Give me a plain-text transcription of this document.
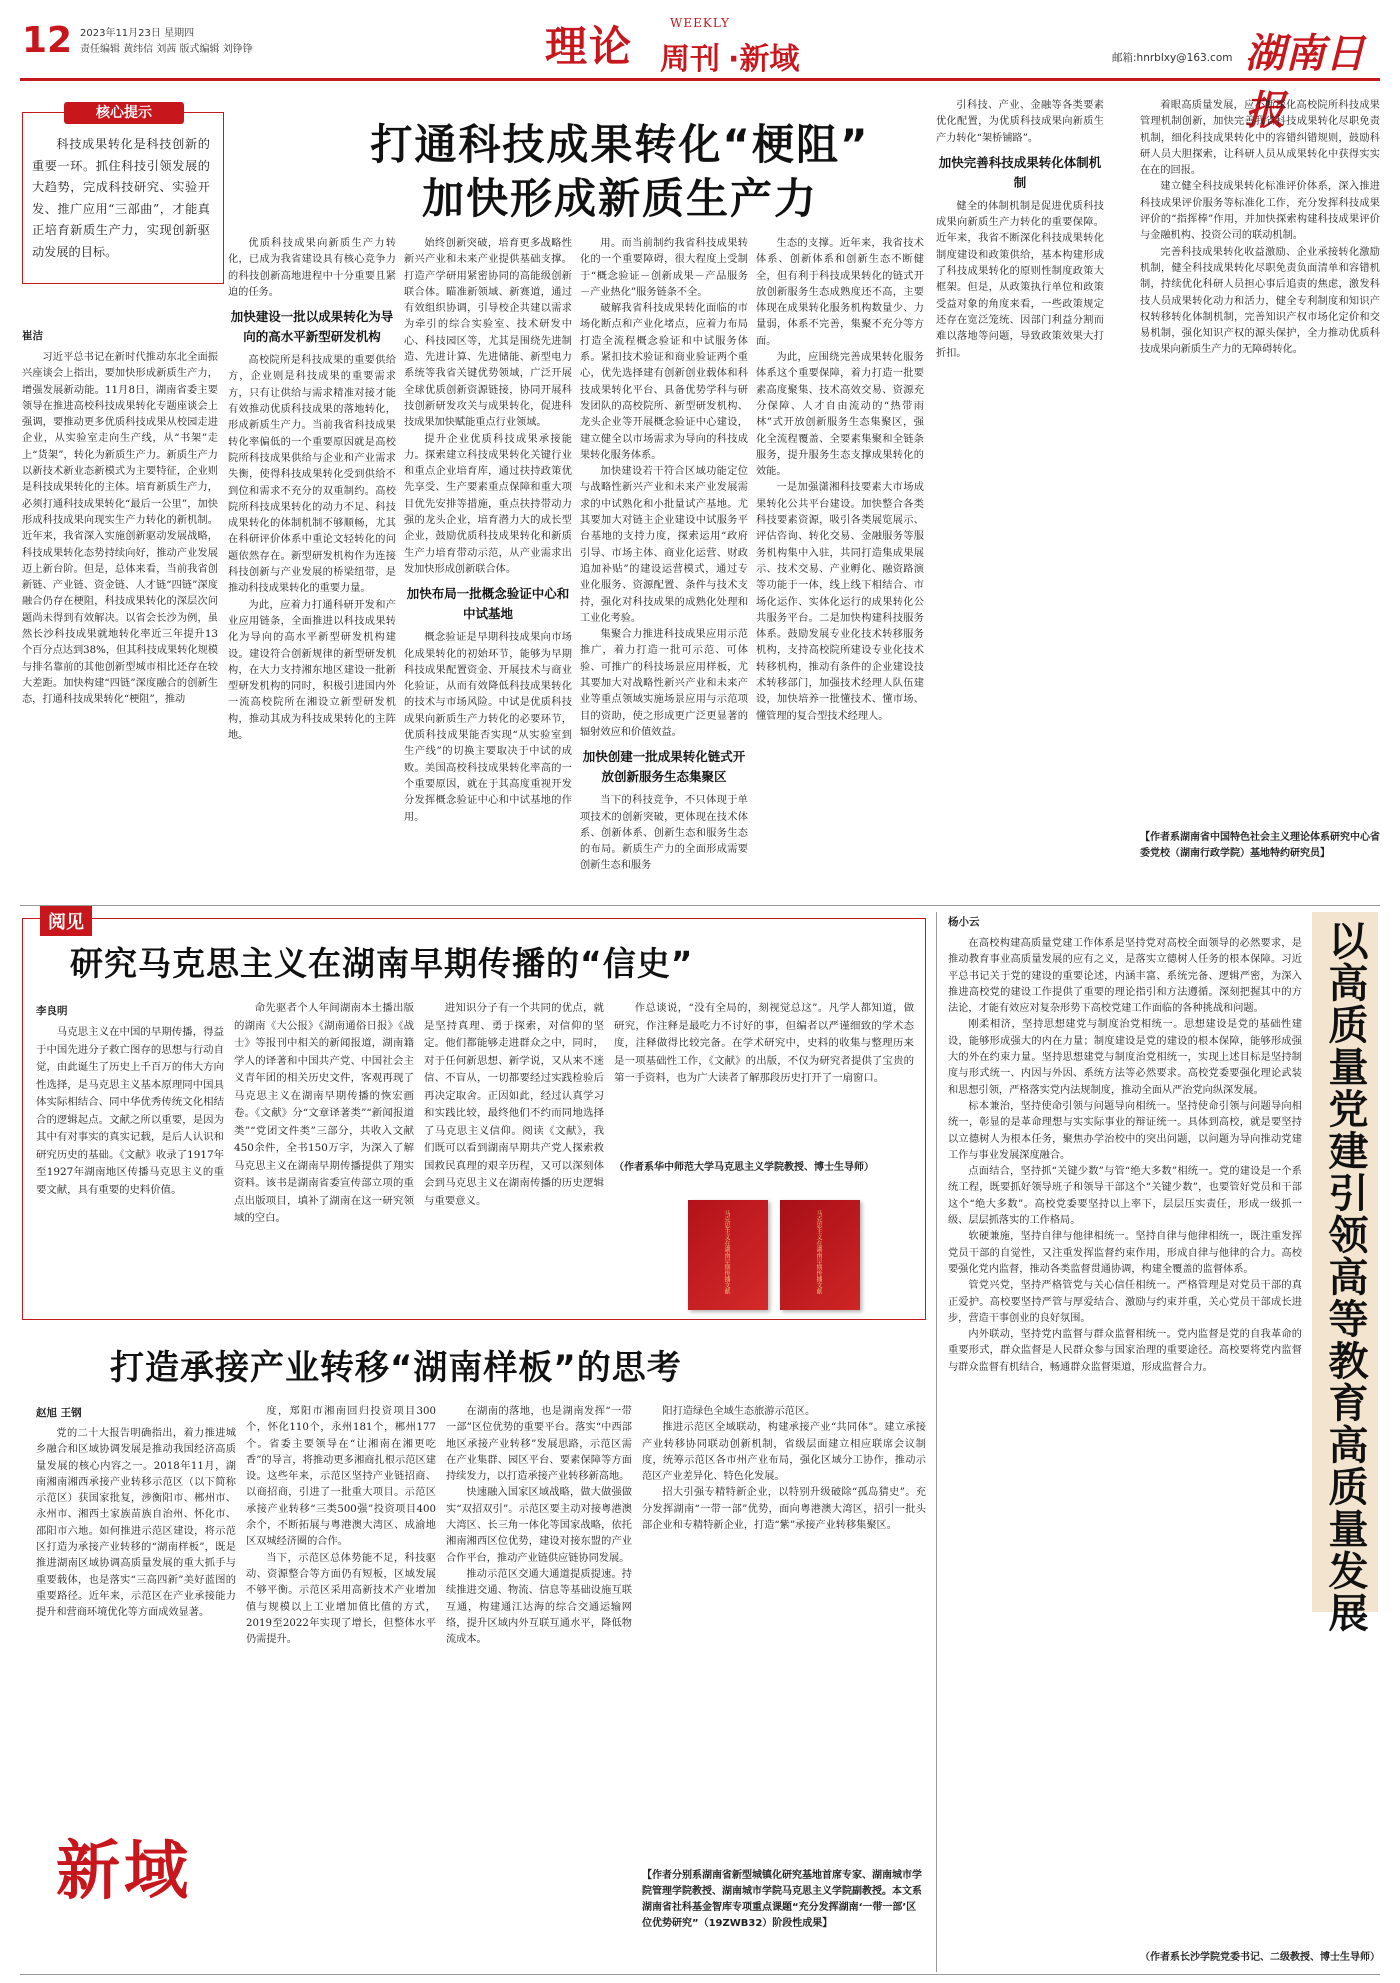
12 2023年11月23日 星期四
责任编辑 黄纬信 刘茜 版式编辑 刘铮铮	理论	WEEKLY
周刊 ·新域	邮箱:hnrblxy@163.com 湖南日报
核心提示
科技成果转化是科技创新的重要一环。抓住科技引领发展的大趋势，完成科技研究、实验开发、推广应用“三部曲”，才能真正培育新质生产力，实现创新驱动发展的目标。
打通科技成果转化“梗阻”
加快形成新质生产力
崔洁
习近平总书记在新时代推动东北全面振兴座谈会上指出，要加快形成新质生产力，增强发展新动能。11月8日，湖南省委主要领导在推进高校科技成果转化专题座谈会上强调，要推动更多优质科技成果从校园走进企业，从实验室走向生产线，从“书架”走上“货架”，转化为新质生产力。新质生产力以新技术新业态新模式为主要特征，企业则是科技成果转化的主体。培育新质生产力，必须打通科技成果转化“最后一公里”，加快形成科技成果向现实生产力转化的新机制。近年来，我省深入实施创新驱动发展战略，科技成果转化态势持续向好，推动产业发展迈上新台阶。但是，总体来看，当前我省创新链、产业链、资金链、人才链“四链”深度融合仍存在梗阻，科技成果转化的深层次问题尚未得到有效解决。以省会长沙为例，虽然长沙科技成果就地转化率近三年提升13个百分点达到38%，但其科技成果转化规模与排名靠前的其他创新型城市相比还存在较大差距。加快构建“四链”深度融合的创新生态，打通科技成果转化“梗阻”，推动

优质科技成果向新质生产力转化，已成为我省建设具有核心竞争力的科技创新高地进程中十分重要且紧迫的任务。

加快建设一批以成果转化为导向的高水平新型研发机构

高校院所是科技成果的重要供给方，企业则是科技成果的重要需求方，只有让供给与需求精准对接才能有效推动优质科技成果的落地转化，形成新质生产力。当前我省科技成果转化率偏低的一个重要原因就是高校院所科技成果供给与企业和产业需求失衡，使得科技成果转化受到供给不到位和需求不充分的双重制约。高校院所科技成果转化的动力不足、科技成果转化的体制机制不够顺畅，尤其在科研评价体系中重论文轻转化的问题依然存在。新型研发机构作为连接科技创新与产业发展的桥梁纽带，是推动科技成果转化的重要力量。

为此，应着力打通科研开发和产业应用链条，全面推进以科技成果转化为导向的高水平新型研发机构建设。建设符合创新规律的新型研发机构，在大力支持湘东地区建设一批新型研发机构的同时，积极引进国内外一流高校院所在湘设立新型研发机构，推动其成为科技成果转化的主阵地。

始终创新突破，培育更多战略性新兴产业和未来产业提供基础支撑。打造产学研用紧密协同的高能级创新联合体。瞄准新领域、新赛道，通过有效组织协调，引导校企共建以需求为牵引的综合实验室、技术研发中心、科技园区等，尤其是围绕先进制造、先进计算、先进储能、新型电力系统等我省关键优势领域，广泛开展全球优质创新资源链接，协同开展科技创新研发攻关与成果转化，促进科技成果加快赋能重点行业领域。

提升企业优质科技成果承接能力。探索建立科技成果转化关键行业和重点企业培育库，通过扶持政策优先享受、生产要素重点保障和重大项目优先安排等措施，重点扶持带动力强的龙头企业，培育潜力大的成长型企业，鼓励优质科技成果转化和新质生产力培育带动示范，从产业需求出发加快形成创新联合体。

加快布局一批概念验证中心和中试基地

概念验证是早期科技成果向市场化成果转化的初始环节，能够为早期科技成果配置资金、开展技术与商业化验证，从而有效降低科技成果转化的技术与市场风险。中试是优质科技成果向新质生产力转化的必要环节，优质科技成果能否实现“从实验室到生产线”的切换主要取决于中试的成败。美国高校科技成果转化率高的一个重要原因，就在于其高度重视开发分发挥概念验证中心和中试基地的作用。

用。而当前制约我省科技成果转化的一个重要障碍，很大程度上受制于“概念验证－创新成果－产品服务－产业热化”服务链条不全。

破解我省科技成果转化面临的市场化断点和产业化堵点，应着力布局打造全流程概念验证和中试服务体系。紧扣技术验证和商业验证两个重心，优先选择建有创新创业载体和科技成果转化平台、具备优势学科与研发团队的高校院所、新型研发机构、龙头企业等开展概念验证中心建设，建立健全以市场需求为导向的科技成果转化服务体系。

加快建设若干符合区域功能定位与战略性新兴产业和未来产业发展需求的中试熟化和小批量试产基地。尤其要加大对链主企业建设中试服务平台基地的支持力度，探索运用“政府引导、市场主体、商业化运营、财政追加补贴”的建设运营模式，通过专业化服务、资源配置、条件与技术支持，强化对科技成果的成熟化处理和工业化考验。

集聚合力推进科技成果应用示范推广，着力打造一批可示范、可体验、可推广的科技场景应用样板，尤其要加大对战略性新兴产业和未来产业等重点领域实施场景应用与示范项目的资助，使之形成更广泛更显著的辐射效应和价值效益。

加快创建一批成果转化链式开放创新服务生态集聚区

当下的科技竞争，不只体现于单项技术的创新突破，更体现在技术体系、创新体系、创新生态和服务生态的布局。新质生产力的全面形成需要创新生态和服务

生态的支撑。近年来，我省技术体系、创新体系和创新生态不断健全，但有利于科技成果转化的链式开放创新服务生态成熟度还不高，主要体现在成果转化服务机构数量少、力量弱，体系不完善，集聚不充分等方面。

为此，应围绕完善成果转化服务体系这个重要保障，着力打造一批要素高度聚集、技术高效交易、资源充分保障、人才自由流动的“热带雨林”式开放创新服务生态集聚区，强化全流程覆盖、全要素集聚和全链条服务，提升服务生态支撑成果转化的效能。

一是加强潇湘科技要素大市场成果转化公共平台建设。加快整合各类科技要素资源，吸引各类展览展示、评估咨询、转化交易、金融服务等服务机构集中入驻，共同打造集成果展示、技术交易、产业孵化、融资路演等功能于一体，线上线下相结合、市场化运作、实体化运行的成果转化公共服务平台。二是加快构建科技服务体系。鼓励发展专业化技术转移服务机构，支持高校院所建设专业化技术转移机构，推动有条件的企业建设技术转移部门，加强技术经理人队伍建设，加快培养一批懂技术、懂市场、懂管理的复合型技术经理人。

引科技、产业、金融等各类要素优化配置，为优质科技成果向新质生产力转化“架桥铺路”。

加快完善科技成果转化体制机制

健全的体制机制是促进优质科技成果向新质生产力转化的重要保障。近年来，我省不断深化科技成果转化制度建设和政策供给，基本构建形成了科技成果转化的原则性制度政策大框架。但是，从政策执行单位和政策受益对象的角度来看，一些政策规定还存在宽泛笼统、因部门利益分割而难以落地等问题，导致政策效果大打折扣。

着眼高质量发展，应不断深化高校院所科技成果管理机制创新，加快完善我省科技成果转化尽职免责机制，细化科技成果转化中的容错纠错规则，鼓励科研人员大胆探索，让科研人员从成果转化中获得实实在在的回报。

建立健全科技成果转化标准评价体系，深入推进科技成果评价服务等标准化工作，充分发挥科技成果评价的“指挥棒”作用，并加快探索构建科技成果评价与金融机构、投资公司的联动机制。

完善科技成果转化收益激励、企业承接转化激励机制，健全科技成果转化尽职免责负面清单和容错机制，持续优化科研人员担心事后追责的焦虑，激发科技人员成果转化动力和活力，健全专利制度和知识产权转移转化体制机制，完善知识产权市场化定价和交易机制，强化知识产权的源头保护，全力推动优质科技成果向新质生产力的无障碍转化。

【作者系湖南省中国特色社会主义理论体系研究中心省委党校（湖南行政学院）基地特约研究员】
阅见
研究马克思主义在湖南早期传播的“信史”
李良明
马克思主义在中国的早期传播，得益于中国先进分子救亡图存的思想与行动自觉，由此诞生了历史上千百万的伟大方向性选择，是马克思主义基本原理同中国具体实际相结合、同中华优秀传统文化相结合的逻辑起点。文献之所以重要，是因为其中有对事实的真实记载，是后人认识和研究历史的基础。《文献》收录了1917年至1927年湖南地区传播马克思主义的重要文献，具有重要的史料价值。
命先驱者个人年间湖南本土播出版的湖南《大公报》《湖南通俗日报》《战士》等报刊中相关的新闻报道，湖南籍学人的译著和中国共产党、中国社会主义青年团的相关历史文件，客观再现了马克思主义在湖南早期传播的恢宏画卷。《文献》分“文章译著类”“新闻报道类”“党团文件类”三部分，共收入文献450余件，全书150万字，为深入了解马克思主义在湖南早期传播提供了翔实资料。该书是湖南省委宣传部立项的重点出版项目，填补了湖南在这一研究领域的空白。
进知识分子有一个共同的优点，就是坚持真理、勇于探索，对信仰的坚定。他们都能够走进群众之中，同时，对于任何新思想、新学说，又从来不迷信、不盲从，一切都要经过实践检验后再决定取舍。正因如此，经过认真学习和实践比较，最终他们不约而同地选择了马克思主义信仰。阅读《文献》，我们既可以看到湖南早期共产党人探索救国救民真理的艰辛历程，又可以深刻体会到马克思主义在湖南传播的历史逻辑与重要意义。
作总谈说，“没有全局的，刻视觉总这”。凡学人都知道，做研究，作注释是最吃力不讨好的事，但编者以严谨细致的学术态度，注释做得比较完备。在学术研究中，史料的收集与整理历来是一项基础性工作，《文献》的出版，不仅为研究者提供了宝贵的第一手资料，也为广大读者了解那段历史打开了一扇窗口。
（作者系华中师范大学马克思主义学院教授、博士生导师）
马克思主义在湖南早期传播文献	马克思主义在湖南早期传播文献	以高质量党建引领高等教育高质量发展
杨小云

在高校构建高质量党建工作体系是坚持党对高校全面领导的必然要求，是推动教育事业高质量发展的应有之义，是落实立德树人任务的根本保障。习近平总书记关于党的建设的重要论述，内涵丰富、系统完备、逻辑严密，为深入推进高校党的建设工作提供了重要的理论指引和方法遵循。深刻把握其中的方法论，才能有效应对复杂形势下高校党建工作面临的各种挑战和问题。

刚柔相济，坚持思想建党与制度治党相统一。思想建设是党的基础性建设，能够形成强大的内在力量；制度建设是党的建设的根本保障，能够形成强大的外在约束力量。坚持思想建党与制度治党相统一，实现上述目标是坚持制度与形式统一、内因与外因、系统方法等必然要求。高校党委要强化理论武装和思想引领，严格落实党内法规制度，推动全面从严治党向纵深发展。

标本兼治，坚持使命引领与问题导向相统一。坚持使命引领与问题导向相统一，彰显的是革命理想与实实际事业的辩证统一。具体到高校，就是要坚持以立德树人为根本任务，聚焦办学治校中的突出问题，以问题为导向推动党建工作与事业发展深度融合。

点面结合，坚持抓“关键少数”与管“绝大多数”相统一。党的建设是一个系统工程，既要抓好领导班子和领导干部这个“关键少数”，也要管好党员和干部这个“绝大多数”。高校党委要坚持以上率下，层层压实责任，形成一级抓一级、层层抓落实的工作格局。

软硬兼施，坚持自律与他律相统一。坚持自律与他律相统一，既注重发挥党员干部的自觉性，又注重发挥监督约束作用，形成自律与他律的合力。高校要强化党内监督，推动各类监督贯通协调，构建全覆盖的监督体系。

管党兴党，坚持严格管党与关心信任相统一。严格管理是对党员干部的真正爱护。高校要坚持严管与厚爱结合、激励与约束并重，关心党员干部成长进步，营造干事创业的良好氛围。

内外联动，坚持党内监督与群众监督相统一。党内监督是党的自我革命的重要形式，群众监督是人民群众参与国家治理的重要途径。高校要将党内监督与群众监督有机结合，畅通群众监督渠道，形成监督合力。

（作者系长沙学院党委书记、二级教授、博士生导师）
打造承接产业转移“湖南样板”的思考
赵旭 王钢
党的二十大报告明确指出，着力推进城乡融合和区域协调发展是推动我国经济高质量发展的核心内容之一。2018年11月，湖南湘南湘西承接产业转移示范区（以下简称示范区）获国家批复，涉衡阳市、郴州市、永州市、湘西土家族苗族自治州、怀化市、邵阳市六地。如何推进示范区建设，将示范区打造为承接产业转移的“湖南样板”，既是推进湖南区域协调高质量发展的重大抓手与重要载体，也是落实“三高四新”美好蓝图的重要路径。近年来，示范区在产业承接能力提升和营商环境优化等方面成效显著。

度，郑阳市湘南回归投资项目300个，怀化110个，永州181个，郴州177个。省委主要领导在“让湘南在湘更吃香”的导言，将推动更多湘商扎根示范区建设。这些年来，示范区坚持产业链招商、以商招商，引进了一批重大项目。示范区承接产业转移“三类500强”投资项目400余个，不断拓展与粤港澳大湾区、成渝地区双城经济圈的合作。

当下，示范区总体势能不足，科技驱动、资源整合等方面仍有短板，区域发展不够平衡。示范区采用高新技术产业增加值与规模以上工业增加值比值的方式，2019至2022年实现了增长，但整体水平仍需提升。

在湖南的落地，也是湖南发挥“一带一部”区位优势的重要平台。落实“中西部地区承接产业转移”发展思路，示范区需在产业集群、园区平台、要素保障等方面持续发力，以打造承接产业转移新高地。

快速融入国家区域战略，做大做强做实“双招双引”。示范区要主动对接粤港澳大湾区、长三角一体化等国家战略，依托湘南湘西区位优势，建设对接东盟的产业合作平台，推动产业链供应链协同发展。

推动示范区交通大通道提质提速。持续推进交通、物流、信息等基础设施互联互通，构建通江达海的综合交通运输网络，提升区域内外互联互通水平，降低物流成本。

阳打造绿色全域生态旅游示范区。

推进示范区全域联动，构建承接产业“共同体”。建立承接产业转移协同联动创新机制，省级层面建立相应联席会议制度，统筹示范区各市州产业布局，强化区域分工协作，推动示范区产业差异化、特色化发展。

招大引强专精特新企业，以特别升级破除“孤岛猜史”。充分发挥湖南“一带一部”优势，面向粤港澳大湾区，招引一批头部企业和专精特新企业，打造“紫”承接产业转移集聚区。

【作者分别系湖南省新型城镇化研究基地首席专家、湖南城市学院管理学院教授、湖南城市学院马克思主义学院副教授。本文系湖南省社科基金智库专项重点课题“充分发挥湖南‘一带一部’区位优势研究”（19ZWB32）阶段性成果】
新域
